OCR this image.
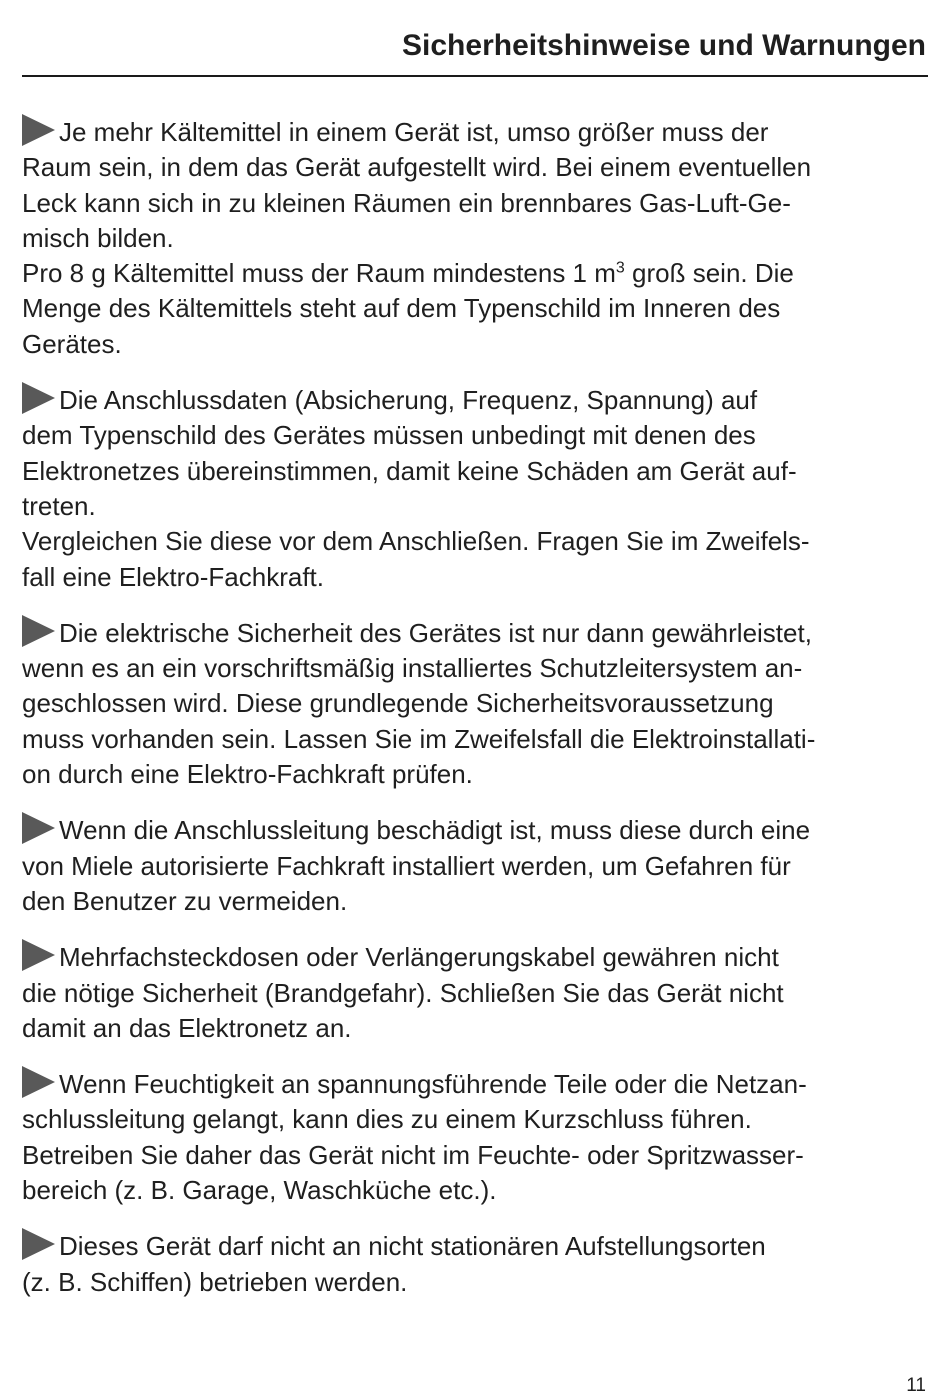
Sicherheitshinweise und Warnungen

Je mehr Kältemittel in einem Gerät ist, umso größer muss der
Raum sein, in dem das Gerät aufgestellt wird. Bei einem eventuellen
Leck kann sich in zu kleinen Räumen ein brennbares Gas-Luft-Ge-
misch bilden.
Pro 8 g Kältemittel muss der Raum mindestens 1 $m^3$ groß sein. Die
Menge des Kältemittels steht auf dem Typenschild im Inneren des
Gerätes.

Die Anschlussdaten (Absicherung, Frequenz, Spannung) auf
dem Typenschild des Gerätes müssen unbedingt mit denen des
Elektronetzes übereinstimmen, damit keine Schäden am Gerät auf-
treten.
Vergleichen Sie diese vor dem Anschließen. Fragen Sie im Zweifels-
fall eine Elektro-Fachkraft.

Die elektrische Sicherheit des Gerätes ist nur dann gewährleistet,
wenn es an ein vorschriftsmäßig installiertes Schutzleitersystem an-
geschlossen wird. Diese grundlegende Sicherheitsvoraussetzung
muss vorhanden sein. Lassen Sie im Zweifelsfall die Elektroinstallati-
on durch eine Elektro-Fachkraft prüfen.

Wenn die Anschlussleitung beschädigt ist, muss diese durch eine
von Miele autorisierte Fachkraft installiert werden, um Gefahren für
den Benutzer zu vermeiden.

Mehrfachsteckdosen oder Verlängerungskabel gewähren nicht
die nötige Sicherheit (Brandgefahr). Schließen Sie das Gerät nicht
damit an das Elektronetz an.

Wenn Feuchtigkeit an spannungsführende Teile oder die Netzan-
schlussleitung gelangt, kann dies zu einem Kurzschluss führen.
Betreiben Sie daher das Gerät nicht im Feuchte- oder Spritzwasser-
bereich (z. B. Garage, Waschküche etc.).

Dieses Gerät darf nicht an nicht stationären Aufstellungsorten
(z. B. Schiffen) betrieben werden.

11
